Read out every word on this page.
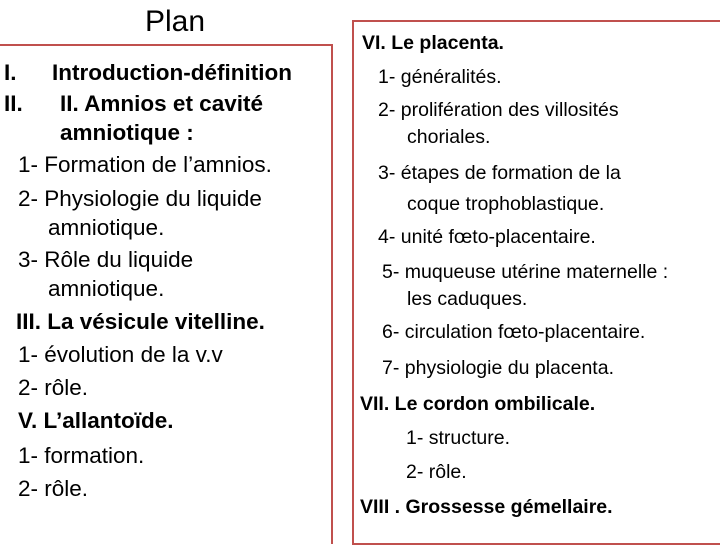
Plan
I. Introduction-définition
II. II. Amnios et cavité
amniotique :
1- Formation de l’amnios.
2- Physiologie du liquide
amniotique.
3- Rôle du liquide
amniotique.
III. La vésicule vitelline.
1- évolution de la v.v
2- rôle.
V. L’allantoïde.
1- formation.
2- rôle.
VI. Le placenta.
1- généralités.
2- prolifération des villosités
choriales.
3- étapes de formation de la
coque trophoblastique.
4- unité fœto-placentaire.
5- muqueuse utérine maternelle :
les caduques.
6- circulation fœto-placentaire.
7- physiologie du placenta.
VII. Le cordon ombilicale.
1- structure.
2- rôle.
VIII . Grossesse gémellaire.
